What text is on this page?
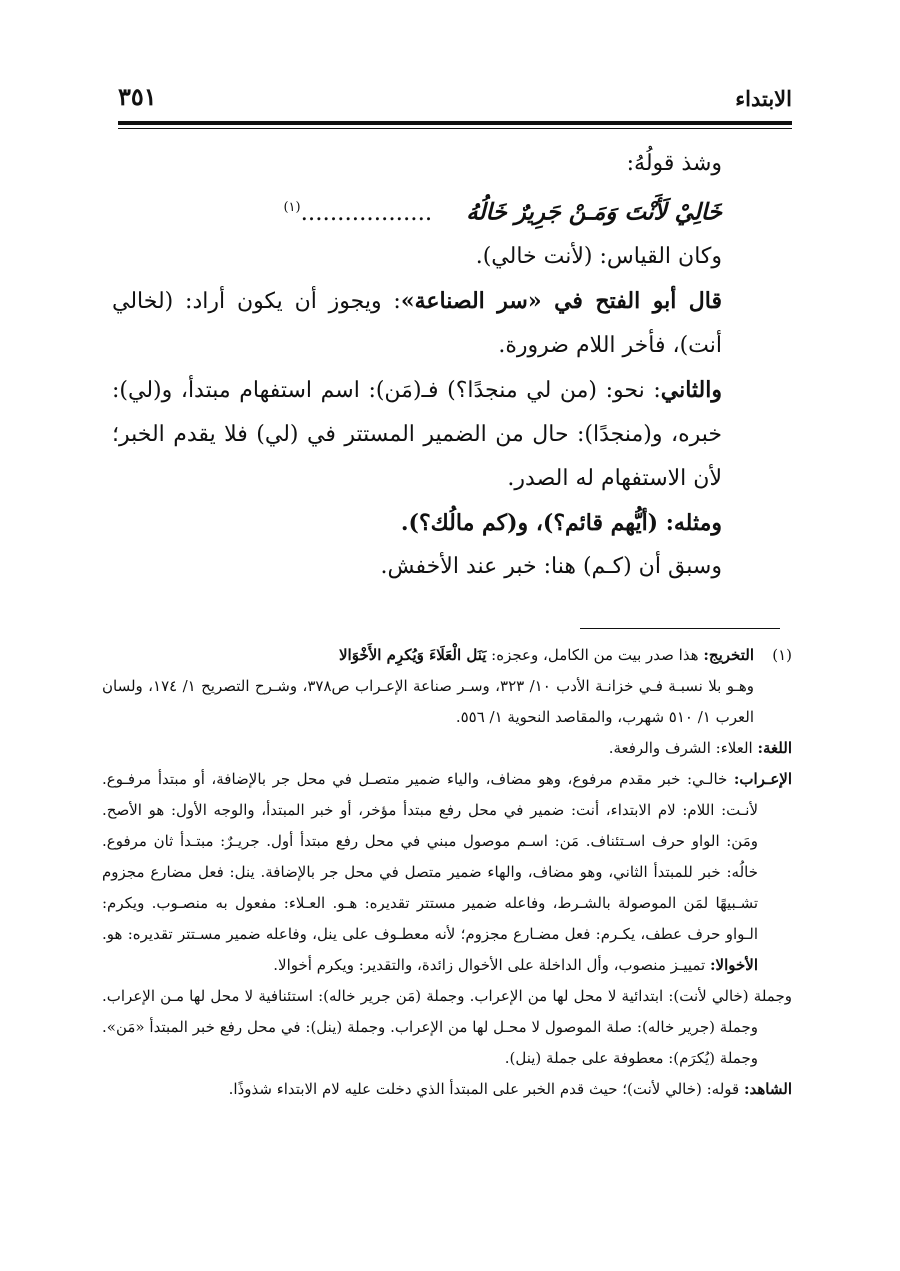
الابتداء
٣٥١

وشذ قولُهُ:

خَالِيْ لَأَنْتَ وَمَـنْ جَرِيرٌ خَالُهُ..................$^{(١)}$

وكان القياس: (لأنت خالي).

قال أبو الفتح في «سر الصناعة»: ويجوز أن يكون أراد: (لخالي أنت)، فأخر اللام ضرورة.

والثاني: نحو: (من لي منجدًا؟) فـ(مَن): اسم استفهام مبتدأ، و(لي): خبره، و(منجدًا): حال من الضمير المستتر في (لي) فلا يقدم الخبر؛ لأن الاستفهام له الصدر.

ومثله: (أيُّهم قائم؟)، و(كم مالُك؟).

وسبق أن (كـم) هنا: خبر عند الأخفش.

(١)التخريج: هذا صدر بيت من الكامل، وعجزه: يَنَل الْعَلَاءَ وَيُكرِم الأَخْوَالا

وهـو بلا نسبـة فـي خزانـة الأدب ١٠/ ٣٢٣، وسـر صناعة الإعـراب ص٣٧٨، وشـرح التصريح ١/ ١٧٤، ولسان العرب ١/ ٥١٠ شهرب، والمقاصد النحوية ١/ ٥٥٦.

اللغة: العلاء: الشرف والرفعة.

الإعـراب: خالـي: خبر مقدم مرفوع، وهو مضاف، والياء ضمير متصـل في محل جر بالإضافة، أو مبتدأ مرفـوع. لأنـت: اللام: لام الابتداء، أنت: ضمير في محل رفع مبتدأ مؤخر، أو خبر المبتدأ، والوجه الأول: هو الأصح. ومَن: الواو حرف اسـتئناف. مَن: اسـم موصول مبني في محل رفع مبتدأ أول. جريـرٌ: مبتـدأ ثان مرفوع. خالُه: خبر للمبتدأ الثاني، وهو مضاف، والهاء ضمير متصل في محل جر بالإضافة. ينل: فعل مضارع مجزوم تشـبيهًا لمَن الموصولة بالشـرط، وفاعله ضمير مستتر تقديره: هـو. العـلاء: مفعول به منصـوب. ويكرم: الـواو حرف عطف، يكـرم: فعل مضـارع مجزوم؛ لأنه معطـوف على ينل، وفاعله ضمير مسـتتر تقديره: هو. الأخوالا: تمييـز منصوب، وأل الداخلة على الأخوال زائدة، والتقدير: ويكرم أخوالا.

وجملة (خالي لأنت): ابتدائية لا محل لها من الإعراب. وجملة (مَن جرير خاله): استئنافية لا محل لها مـن الإعراب. وجملة (جرير خاله): صلة الموصول لا محـل لها من الإعراب. وجملة (ينل): في محل رفع خبر المبتدأ «مَن». وجملة (يُكرَم): معطوفة على جملة (ينل).

الشاهد: قوله: (خالي لأنت)؛ حيث قدم الخبر على المبتدأ الذي دخلت عليه لام الابتداء شذوذًا.
